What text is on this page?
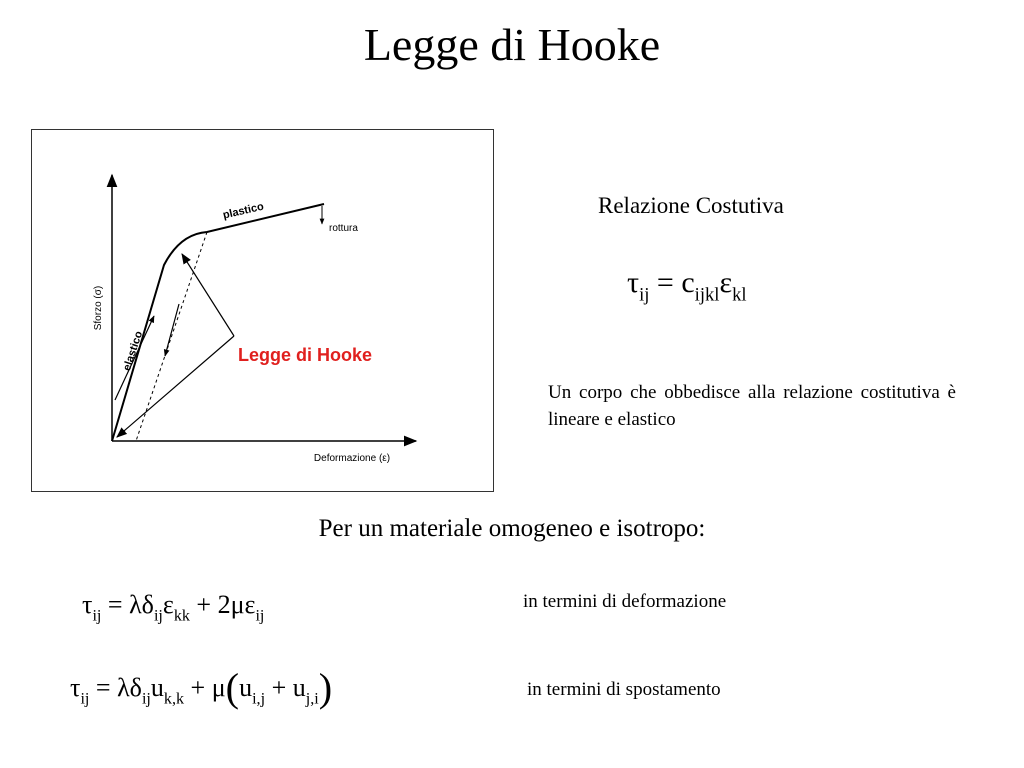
Legge di Hooke
Sforzo (σ)
Deformazione (ε)
elastico
plastico
rottura
Legge di Hooke
Relazione Costutiva
$\tau_{ij} = c_{ijkl}\varepsilon_{kl}$
Un corpo che obbedisce alla relazione costitutiva è lineare e elastico
Per un materiale omogeneo e isotropo:
$\tau_{ij} = \lambda\delta_{ij}\varepsilon_{kk} + 2\mu\varepsilon_{ij}$
in termini di deformazione
$\tau_{ij} = \lambda\delta_{ij}u_{k,k} + \mu(u_{i,j} + u_{j,i})$	in termini di spostamento
